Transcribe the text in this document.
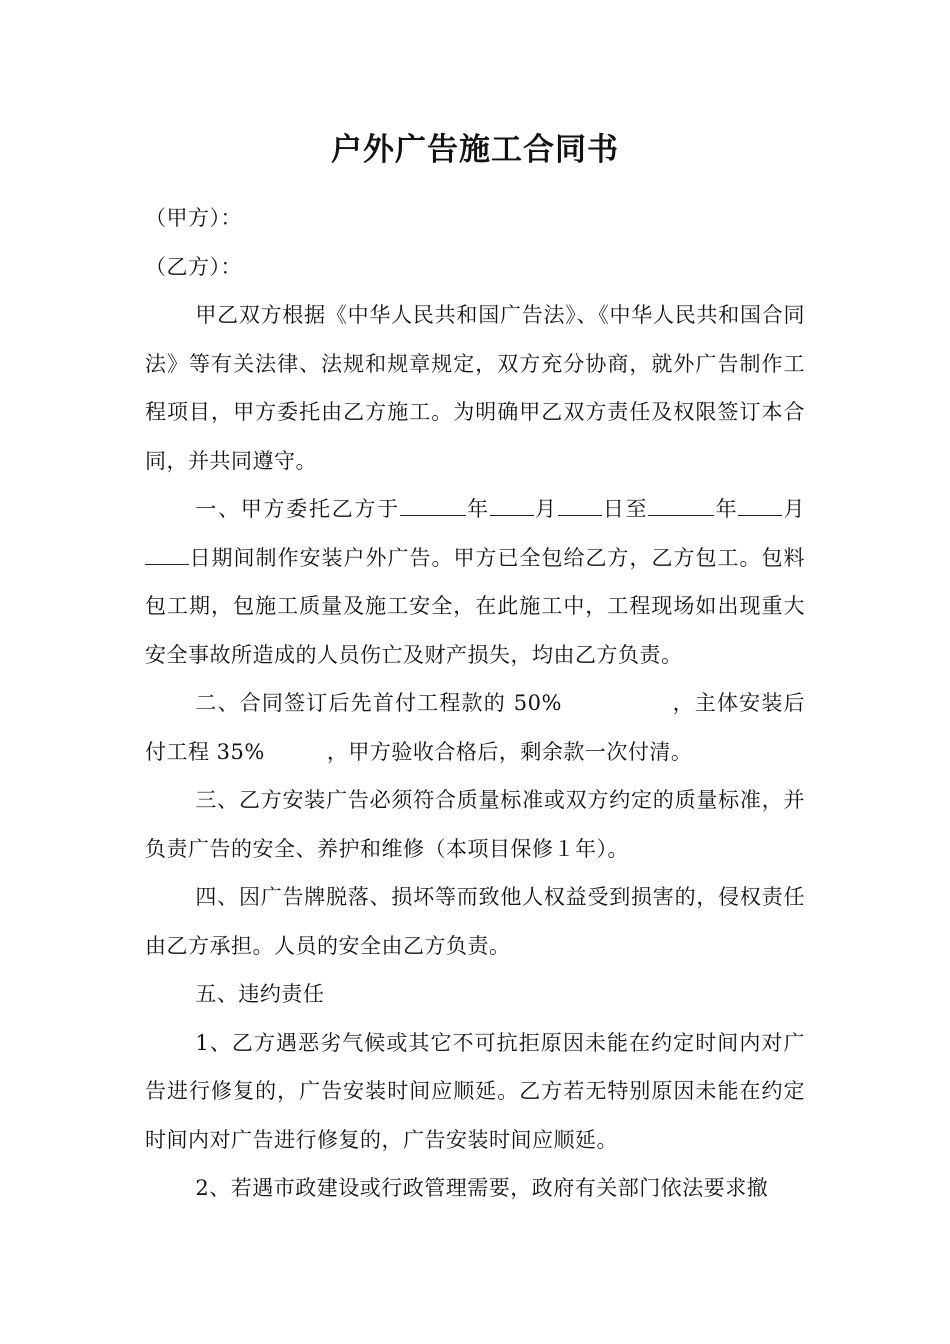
户外广告施工合同书

（甲方）：

（乙方）：

甲乙双方根据《中华人民共和国广告法》、《中华人民共和国合同法》等有关法律、法规和规章规定，双方充分协商，就外广告制作工程项目，甲方委托由乙方施工。为明确甲乙双方责任及权限签订本合同，并共同遵守。

一、甲方委托乙方于	年 月 日至	年 月日期间制作安装户外广告。甲方已全包给乙方，乙方包工。包料包工期，包施工质量及施工安全，在此施工中，工程现场如出现重大安全事故所造成的人员伤亡及财产损失，均由乙方负责。

二、合同签订后先首付工程款的 50%	，主体安装后付工程 35%	，甲方验收合格后，剩余款一次付清。

三、乙方安装广告必须符合质量标准或双方约定的质量标准，并负责广告的安全、养护和维修（本项目保修１年）。

四、因广告牌脱落、损坏等而致他人权益受到损害的，侵权责任由乙方承担。人员的安全由乙方负责。

五、违约责任

1、乙方遇恶劣气候或其它不可抗拒原因未能在约定时间内对广告进行修复的，广告安装时间应顺延。乙方若无特别原因未能在约定时间内对广告进行修复的，广告安装时间应顺延。

2、若遇市政建设或行政管理需要，政府有关部门依法要求撤
